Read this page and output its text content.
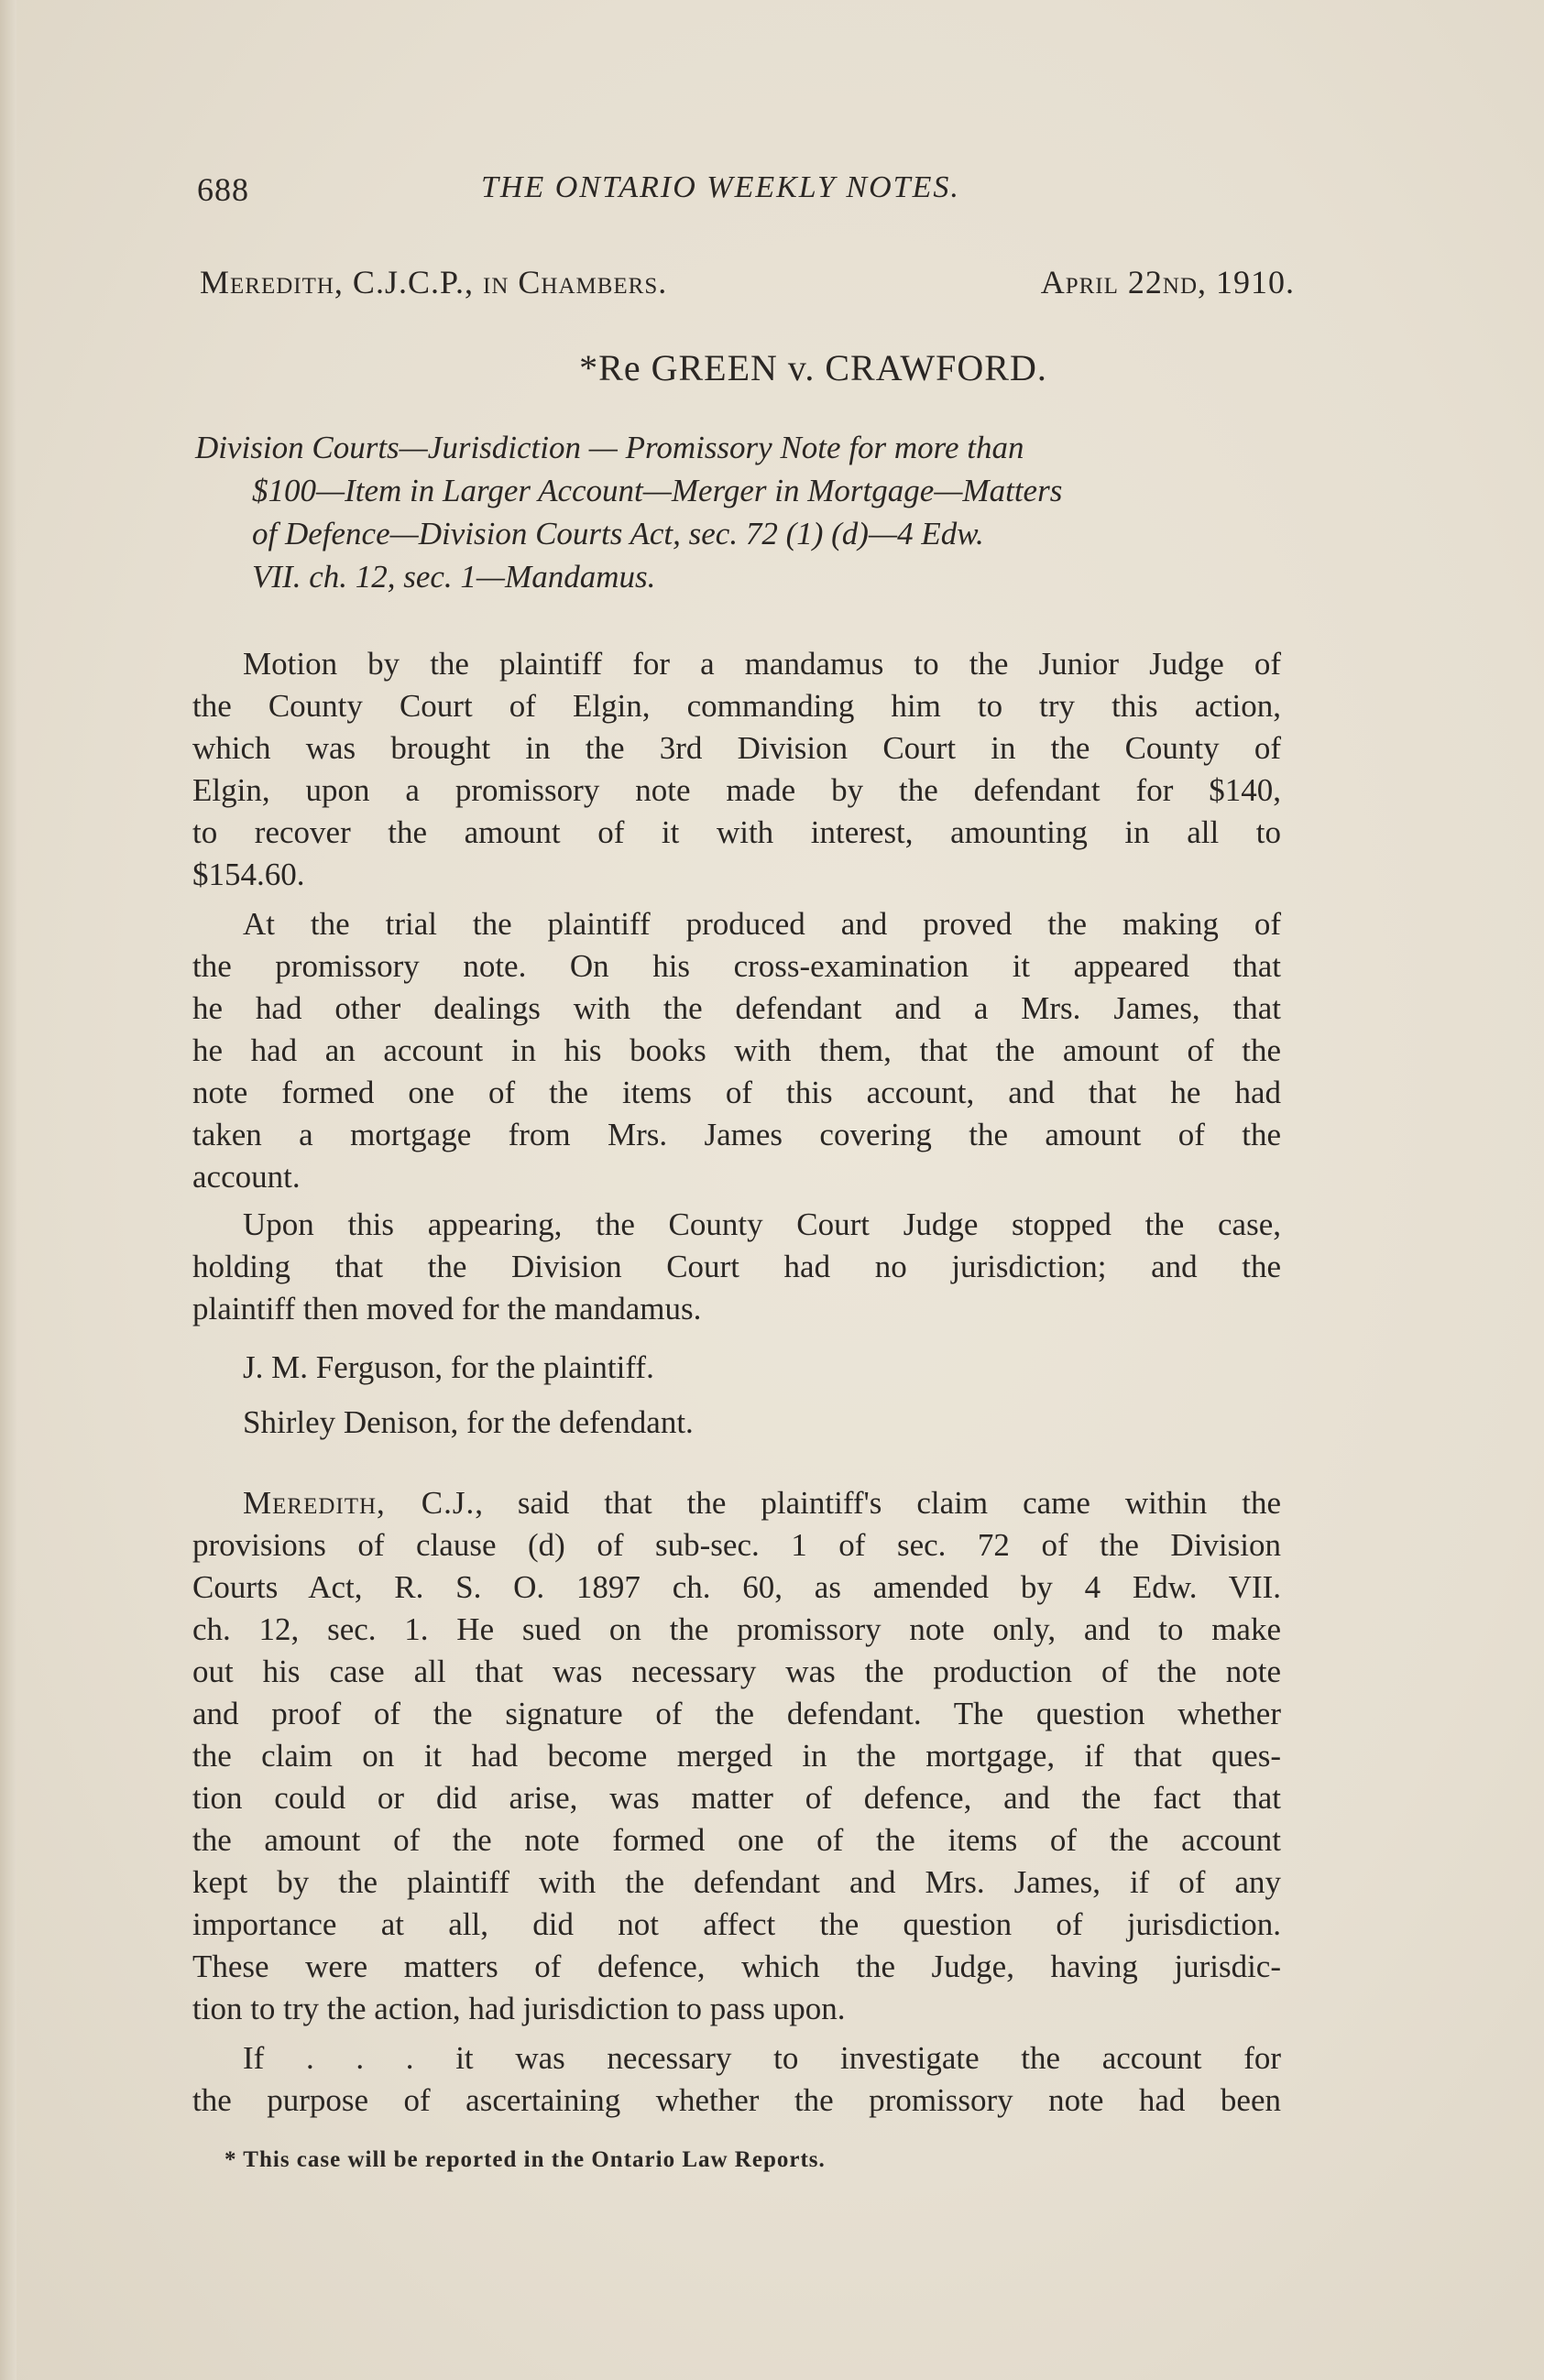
688	THE ONTARIO WEEKLY NOTES.
Meredith, C.J.C.P., in Chambers.	April 22nd, 1910.
*Re GREEN v. CRAWFORD.
Division Courts—Jurisdiction — Promissory Note for more than
$100—Item in Larger Account—Merger in Mortgage—Matters
of Defence—Division Courts Act, sec. 72 (1) (d)—4 Edw.
VII. ch. 12, sec. 1—Mandamus.
Motion by the plaintiff for a mandamus to the Junior Judge of
the County Court of Elgin, commanding him to try this action,
which was brought in the 3rd Division Court in the County of
Elgin, upon a promissory note made by the defendant for $140,
to recover the amount of it with interest, amounting in all to
$154.60.
At the trial the plaintiff produced and proved the making of
the promissory note. On his cross-examination it appeared that
he had other dealings with the defendant and a Mrs. James, that
he had an account in his books with them, that the amount of the
note formed one of the items of this account, and that he had
taken a mortgage from Mrs. James covering the amount of the
account.
Upon this appearing, the County Court Judge stopped the case,
holding that the Division Court had no jurisdiction; and the
plaintiff then moved for the mandamus.
J. M. Ferguson, for the plaintiff.
Shirley Denison, for the defendant.
Meredith, C.J., said that the plaintiff's claim came within the
provisions of clause (d) of sub-sec. 1 of sec. 72 of the Division
Courts Act, R. S. O. 1897 ch. 60, as amended by 4 Edw. VII.
ch. 12, sec. 1. He sued on the promissory note only, and to make
out his case all that was necessary was the production of the note
and proof of the signature of the defendant. The question whether
the claim on it had become merged in the mortgage, if that ques-
tion could or did arise, was matter of defence, and the fact that
the amount of the note formed one of the items of the account
kept by the plaintiff with the defendant and Mrs. James, if of any
importance at all, did not affect the question of jurisdiction.
These were matters of defence, which the Judge, having jurisdic-
tion to try the action, had jurisdiction to pass upon.
If . . . it was necessary to investigate the account for
the purpose of ascertaining whether the promissory note had been
* This case will be reported in the Ontario Law Reports.
